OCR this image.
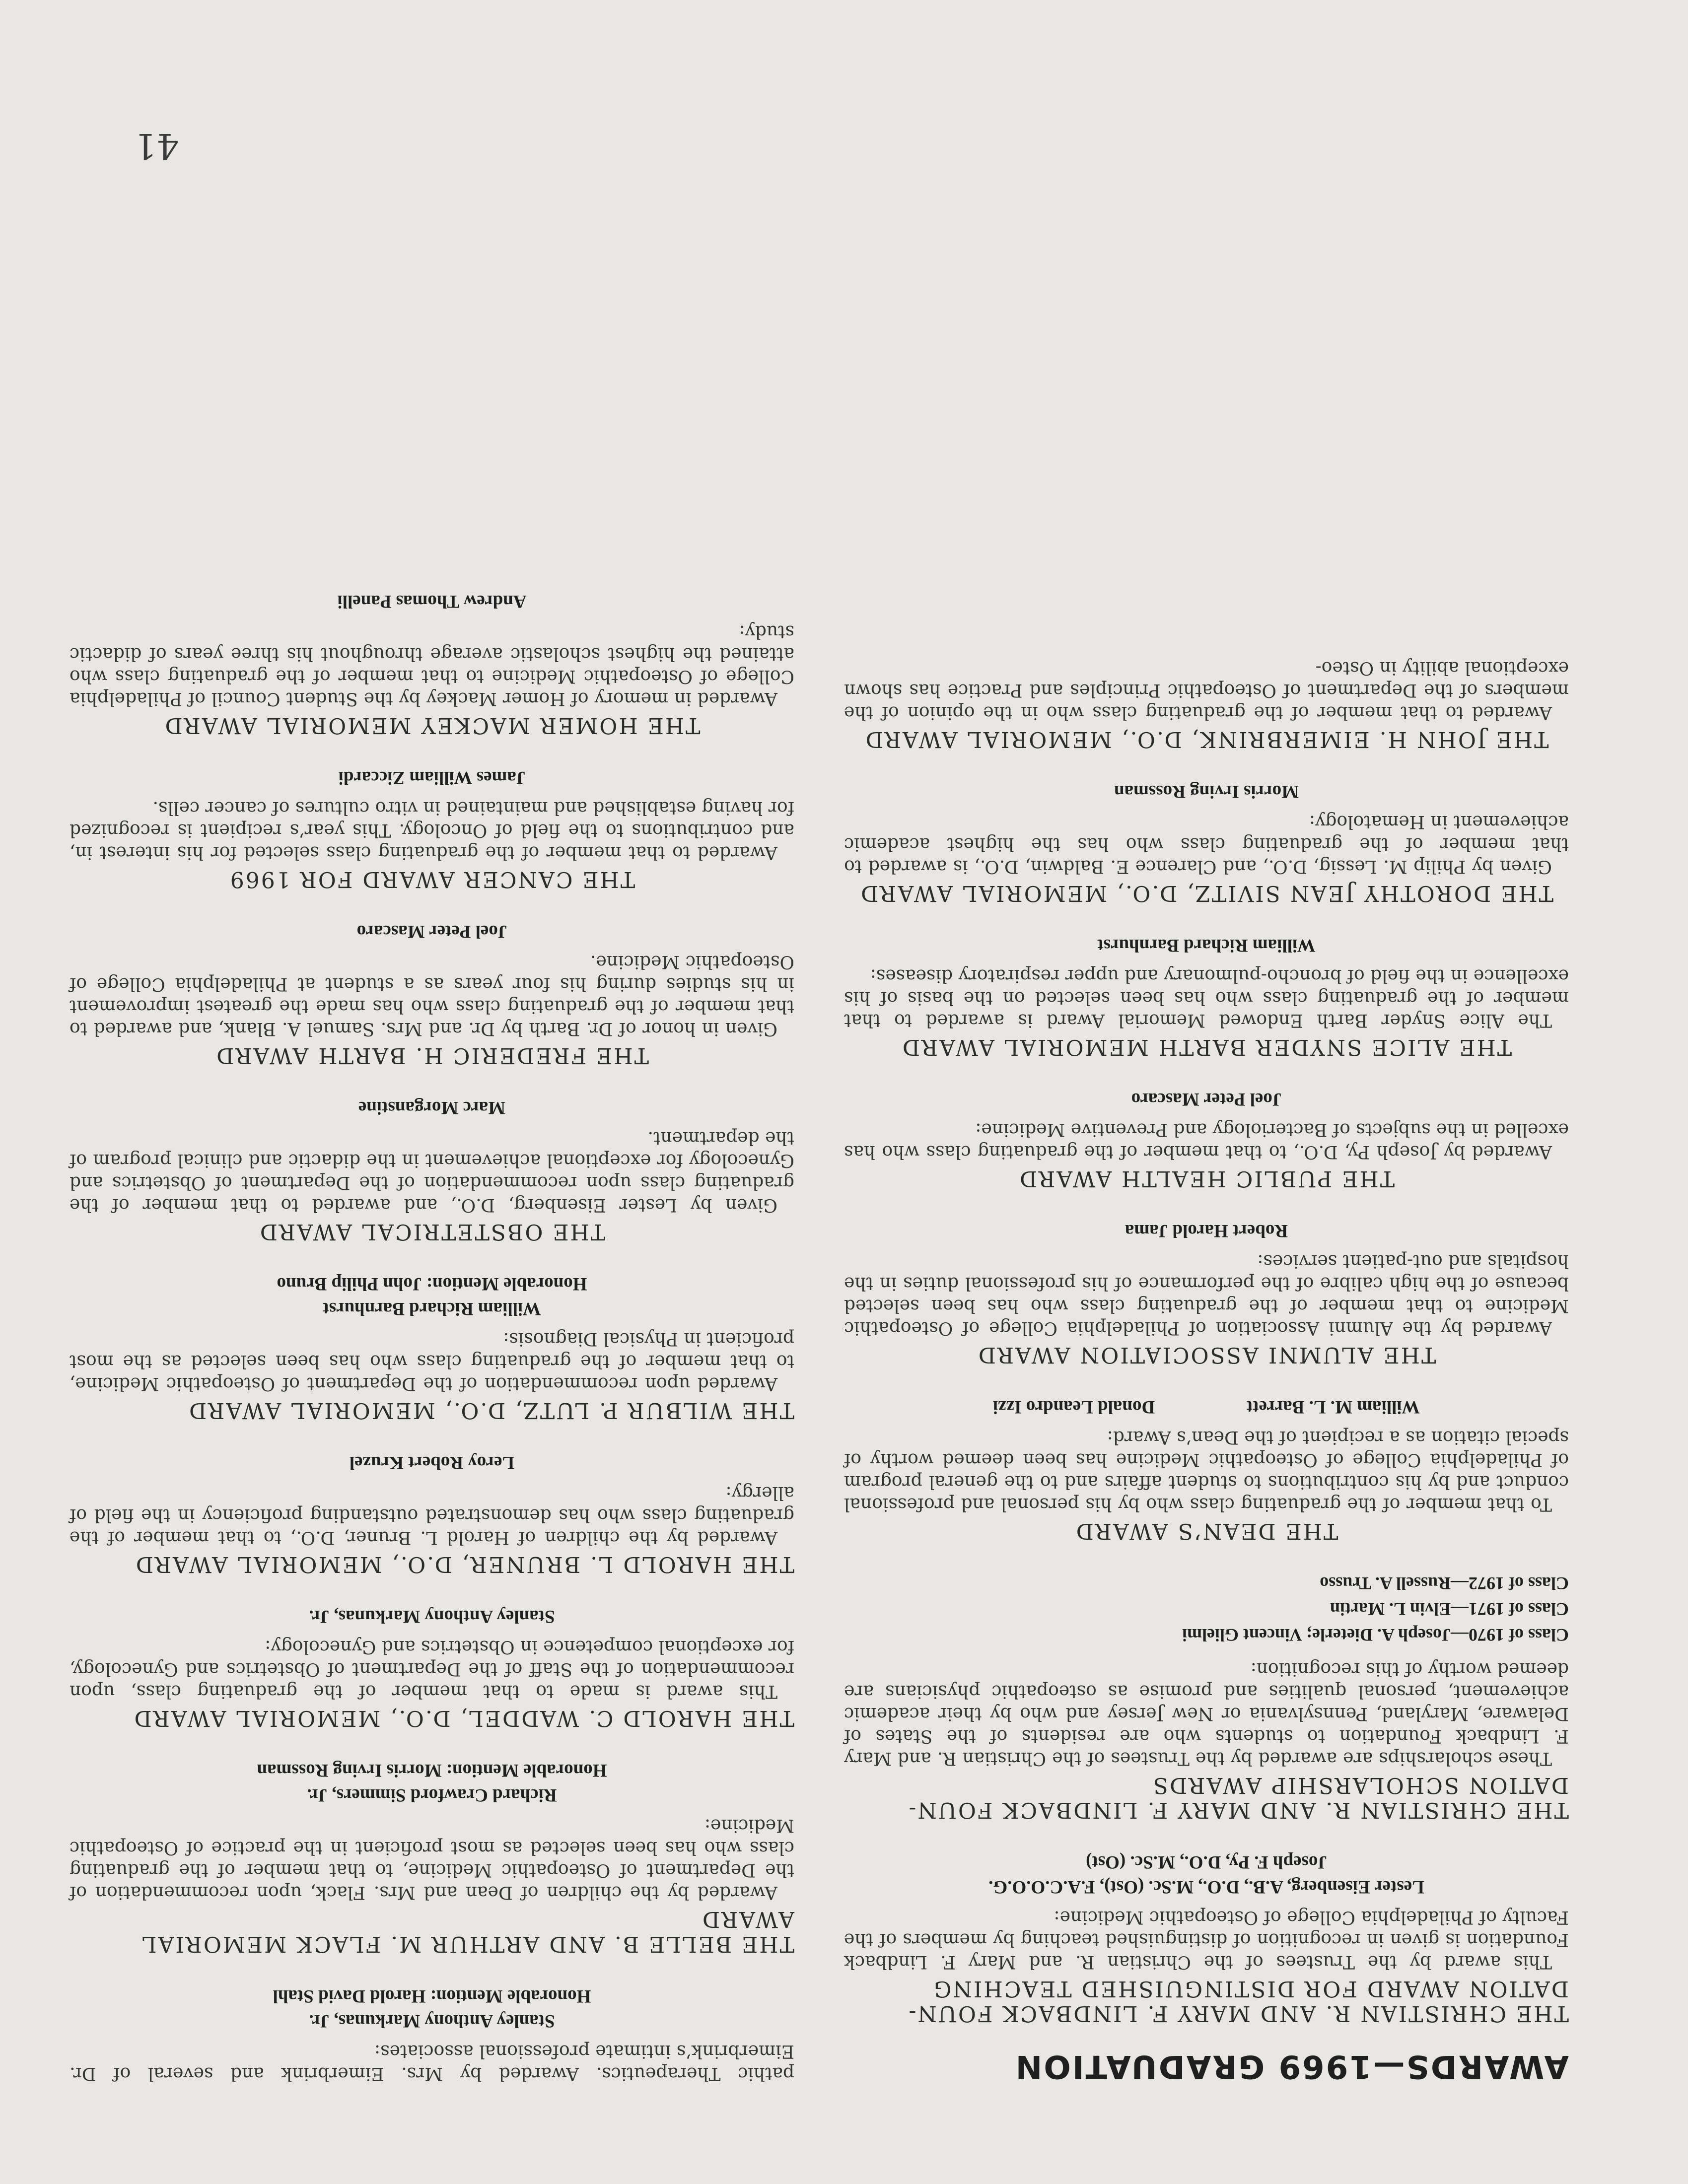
AWARDS—1969 GRADUATION
THE CHRISTIAN R. AND MARY F. LINDBACK FOUN-DATION AWARD FOR DISTINGUISHED TEACHING
This award by the Trustees of the Christian R. and Mary F. Lindback Foundation is given in recognition of distinguished teaching by members of the Faculty of Philadelphia College of Osteopathic Medicine:
Lester Eisenberg, A.B., D.O., M.Sc. (Ost), F.A.C.O.O.G.
Joseph F. Py, D.O., M.Sc. (Ost)
THE CHRISTIAN R. AND MARY F. LINDBACK FOUN-DATION SCHOLARSHIP AWARDS
These scholarships are awarded by the Trustees of the Christian R. and Mary F. Lindback Foundation to students who are residents of the States of Delaware, Maryland, Pennsylvania or New Jersey and who by their academic achievement, personal qualities and promise as osteopathic physicians are deemed worthy of this recognition:
Class of 1970—Joseph A. Dieterle; Vincent Glielmi
Class of 1971—Elvin L. Martin
Class of 1972—Russell A. Trusso
THE DEAN’S AWARD
To that member of the graduating class who by his personal and professional conduct and by his contributions to student affairs and to the general program of Philadelphia College of Osteopathic Medicine has been deemed worthy of special citation as a recipient of the Dean’s Award:
William M. L. Barrett
Donald Leandro Izzi
THE ALUMNI ASSOCIATION AWARD
Awarded by the Alumni Association of Philadelphia College of Osteopathic Medicine to that member of the graduating class who has been selected because of the high calibre of the performance of his professional duties in the hospitals and out-patient services:
Robert Harold Jama
THE PUBLIC HEALTH AWARD
Awarded by Joseph Py, D.O., to that member of the graduating class who has excelled in the subjects of Bacteriology and Preventive Medicine:
Joel Peter Mascaro
THE ALICE SNYDER BARTH MEMORIAL AWARD
The Alice Snyder Barth Endowed Memorial Award is awarded to that member of the graduating class who has been selected on the basis of his excellence in the field of broncho-pulmonary and upper respiratory diseases:
William Richard Barnhurst
THE DOROTHY JEAN SIVITZ, D.O., MEMORIAL AWARD
Given by Philip M. Lessig, D.O., and Clarence E. Baldwin, D.O., is awarded to that member of the graduating class who has the highest academic achievement in Hematology:
Morris Irving Rossman
THE JOHN H. EIMERBRINK, D.O., MEMORIAL AWARD
Awarded to that member of the graduating class who in the opinion of the members of the Department of Osteopathic Principles and Practice has shown exceptional ability in Osteo-
pathic Therapeutics. Awarded by Mrs. Eimerbrink and several of Dr. Eimerbrink’s intimate professional associates:
Stanley Anthony Markunas, Jr.
Honorable Mention: Harold David Stahl
THE BELLE B. AND ARTHUR M. FLACK MEMORIAL AWARD
Awarded by the children of Dean and Mrs. Flack, upon recommendation of the Department of Osteopathic Medicine, to that member of the graduating class who has been selected as most proficient in the practice of Osteopathic Medicine:
Richard Crawford Simmers, Jr.
Honorable Mention: Morris Irving Rossman
THE HAROLD C. WADDEL, D.O., MEMORIAL AWARD
This award is made to that member of the graduating class, upon recommendation of the Staff of the Department of Obstetrics and Gynecology, for exceptional competence in Obstetrics and Gynecology:
Stanley Anthony Markunas, Jr.
THE HAROLD L. BRUNER, D.O., MEMORIAL AWARD
Awarded by the children of Harold L. Bruner, D.O., to that member of the graduating class who has demonstrated outstanding proficiency in the field of allergy:
Leroy Robert Kruzel
THE WILBUR P. LUTZ, D.O., MEMORIAL AWARD
Awarded upon recommendation of the Department of Osteopathic Medicine, to that member of the graduating class who has been selected as the most proficient in Physical Diagnosis:
William Richard Barnhurst
Honorable Mention: John Philip Bruno
THE OBSTETRICAL AWARD
Given by Lester Eisenberg, D.O., and awarded to that member of the graduating class upon recommendation of the Department of Obstetrics and Gynecology for exceptional achievement in the didactic and clinical program of the department.
Marc Morganstine
THE FREDERIC H. BARTH AWARD
Given in honor of Dr. Barth by Dr. and Mrs. Samuel A. Blank, and awarded to that member of the graduating class who has made the greatest improvement in his studies during his four years as a student at Philadelphia College of Osteopathic Medicine.
Joel Peter Mascaro
THE CANCER AWARD FOR 1969
Awarded to that member of the graduating class selected for his interest in, and contributions to the field of Oncology. This year’s recipient is recognized for having established and maintained in vitro cultures of cancer cells.
James William Ziccardi
THE HOMER MACKEY MEMORIAL AWARD
Awarded in memory of Homer Mackey by the Student Council of Philadelphia College of Osteopathic Medicine to that member of the graduating class who attained the highest scholastic average throughout his three years of didactic study:
Andrew Thomas Panelli
41
